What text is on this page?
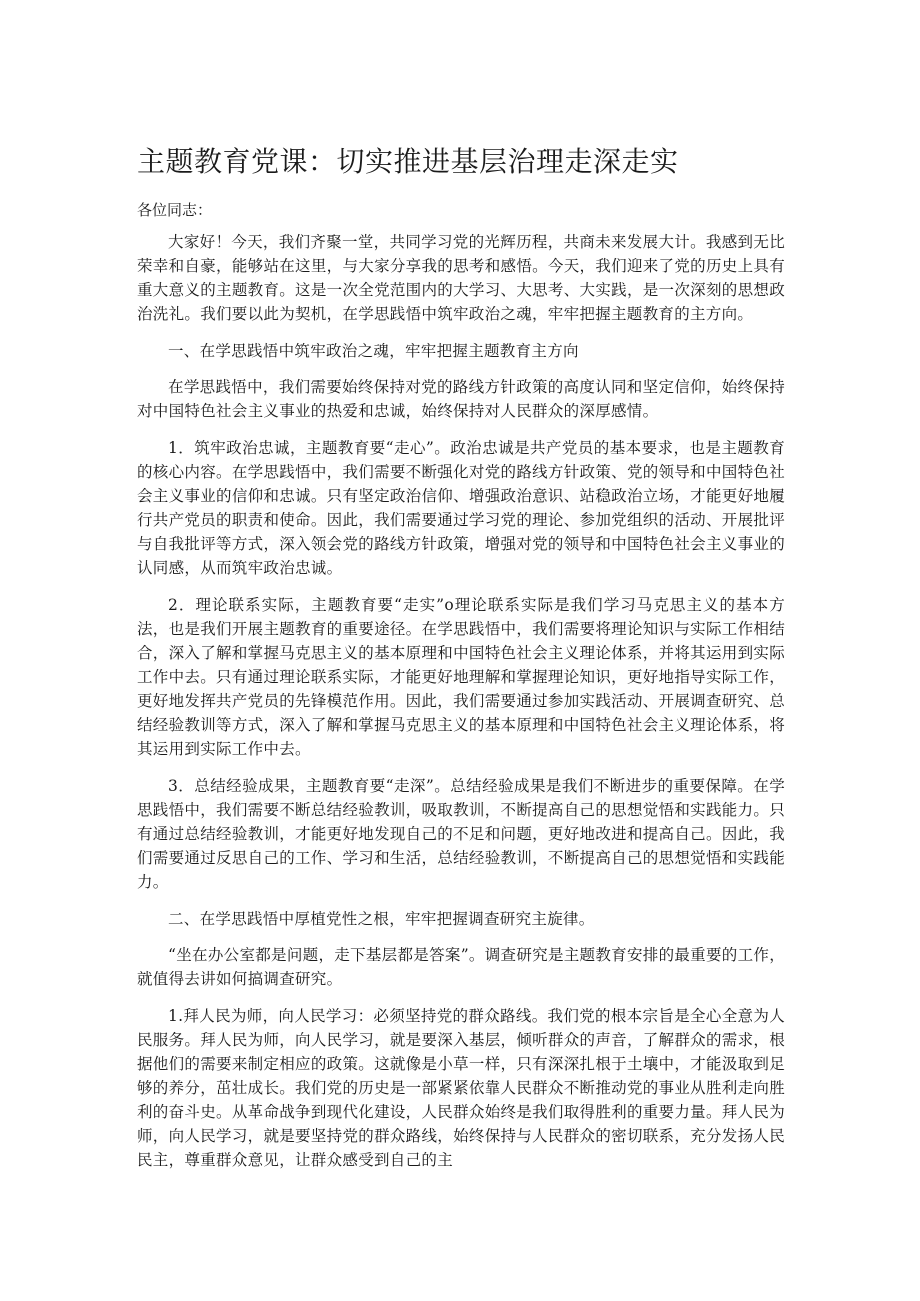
主题教育党课：切实推进基层治理走深走实

各位同志：

大家好！今天，我们齐聚一堂，共同学习党的光辉历程，共商未来发展大计。我感到无比荣幸和自豪，能够站在这里，与大家分享我的思考和感悟。今天，我们迎来了党的历史上具有重大意义的主题教育。这是一次全党范围内的大学习、大思考、大实践，是一次深刻的思想政治洗礼。我们要以此为契机，在学思践悟中筑牢政治之魂，牢牢把握主题教育的主方向。

一、在学思践悟中筑牢政治之魂，牢牢把握主题教育主方向

在学思践悟中，我们需要始终保持对党的路线方针政策的高度认同和坚定信仰，始终保持对中国特色社会主义事业的热爱和忠诚，始终保持对人民群众的深厚感情。

1．筑牢政治忠诚，主题教育要“走心”。政治忠诚是共产党员的基本要求，也是主题教育的核心内容。在学思践悟中，我们需要不断强化对党的路线方针政策、党的领导和中国特色社会主义事业的信仰和忠诚。只有坚定政治信仰、增强政治意识、站稳政治立场，才能更好地履行共产党员的职责和使命。因此，我们需要通过学习党的理论、参加党组织的活动、开展批评与自我批评等方式，深入领会党的路线方针政策，增强对党的领导和中国特色社会主义事业的认同感，从而筑牢政治忠诚。

2．理论联系实际，主题教育要“走实”o理论联系实际是我们学习马克思主义的基本方法，也是我们开展主题教育的重要途径。在学思践悟中，我们需要将理论知识与实际工作相结合，深入了解和掌握马克思主义的基本原理和中国特色社会主义理论体系，并将其运用到实际工作中去。只有通过理论联系实际，才能更好地理解和掌握理论知识，更好地指导实际工作，更好地发挥共产党员的先锋模范作用。因此，我们需要通过参加实践活动、开展调查研究、总结经验教训等方式，深入了解和掌握马克思主义的基本原理和中国特色社会主义理论体系，将其运用到实际工作中去。

3．总结经验成果，主题教育要“走深”。总结经验成果是我们不断进步的重要保障。在学思践悟中，我们需要不断总结经验教训，吸取教训，不断提高自己的思想觉悟和实践能力。只有通过总结经验教训，才能更好地发现自己的不足和问题，更好地改进和提高自己。因此，我们需要通过反思自己的工作、学习和生活，总结经验教训，不断提高自己的思想觉悟和实践能力。

二、在学思践悟中厚植党性之根，牢牢把握调查研究主旋律。

“坐在办公室都是问题，走下基层都是答案”。调查研究是主题教育安排的最重要的工作，就值得去讲如何搞调查研究。

1.拜人民为师，向人民学习：必须坚持党的群众路线。我们党的根本宗旨是全心全意为人民服务。拜人民为师，向人民学习，就是要深入基层，倾听群众的声音，了解群众的需求，根据他们的需要来制定相应的政策。这就像是小草一样，只有深深扎根于土壤中，才能汲取到足够的养分，茁壮成长。我们党的历史是一部紧紧依靠人民群众不断推动党的事业从胜利走向胜利的奋斗史。从革命战争到现代化建设，人民群众始终是我们取得胜利的重要力量。拜人民为师，向人民学习，就是要坚持党的群众路线，始终保持与人民群众的密切联系，充分发扬人民民主，尊重群众意见，让群众感受到自己的主
